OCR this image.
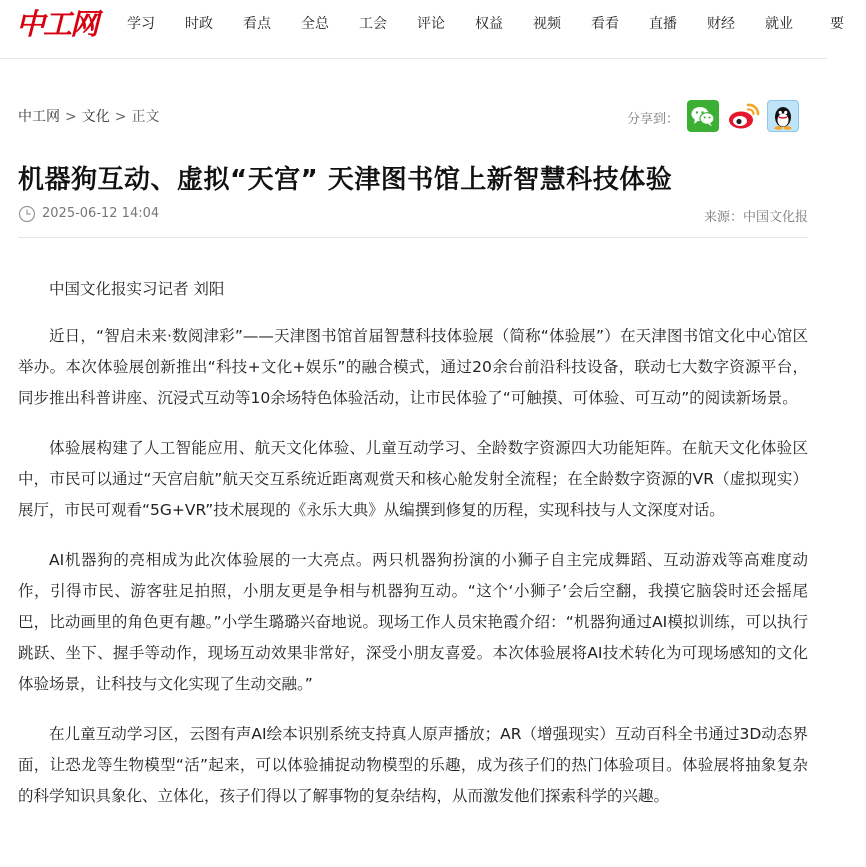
中工网	学习 时政 看点 全总 工会 评论 权益 视频 看看 直播 财经 就业	要
中工网 > 文化 > 正文	分享到：
机器狗互动、虚拟“天宫” 天津图书馆上新智慧科技体验
2025-06-12 14:04	来源：中国文化报

中国文化报实习记者 刘阳

近日，“智启未来·数阅津彩”——天津图书馆首届智慧科技体验展（简称“体验展”）在天津图书馆文化中心馆区举办。本次体验展创新推出“科技+文化+娱乐”的融合模式，通过20余台前沿科技设备，联动七大数字资源平台，同步推出科普讲座、沉浸式互动等10余场特色体验活动，让市民体验了“可触摸、可体验、可互动”的阅读新场景。

体验展构建了人工智能应用、航天文化体验、儿童互动学习、全龄数字资源四大功能矩阵。在航天文化体验区中，市民可以通过“天宫启航”航天交互系统近距离观赏天和核心舱发射全流程；在全龄数字资源的VR（虚拟现实）展厅，市民可观看“5G+VR”技术展现的《永乐大典》从编撰到修复的历程，实现科技与人文深度对话。

AI机器狗的亮相成为此次体验展的一大亮点。两只机器狗扮演的小狮子自主完成舞蹈、互动游戏等高难度动作，引得市民、游客驻足拍照，小朋友更是争相与机器狗互动。“这个‘小狮子’会后空翻，我摸它脑袋时还会摇尾巴，比动画里的角色更有趣。”小学生璐璐兴奋地说。现场工作人员宋艳霞介绍：“机器狗通过AI模拟训练，可以执行跳跃、坐下、握手等动作，现场互动效果非常好，深受小朋友喜爱。本次体验展将AI技术转化为可现场感知的文化体验场景，让科技与文化实现了生动交融。”

在儿童互动学习区，云图有声AI绘本识别系统支持真人原声播放；AR（增强现实）互动百科全书通过3D动态界面，让恐龙等生物模型“活”起来，可以体验捕捉动物模型的乐趣，成为孩子们的热门体验项目。体验展将抽象复杂的科学知识具象化、立体化，孩子们得以了解事物的复杂结构，从而激发他们探索科学的兴趣。
